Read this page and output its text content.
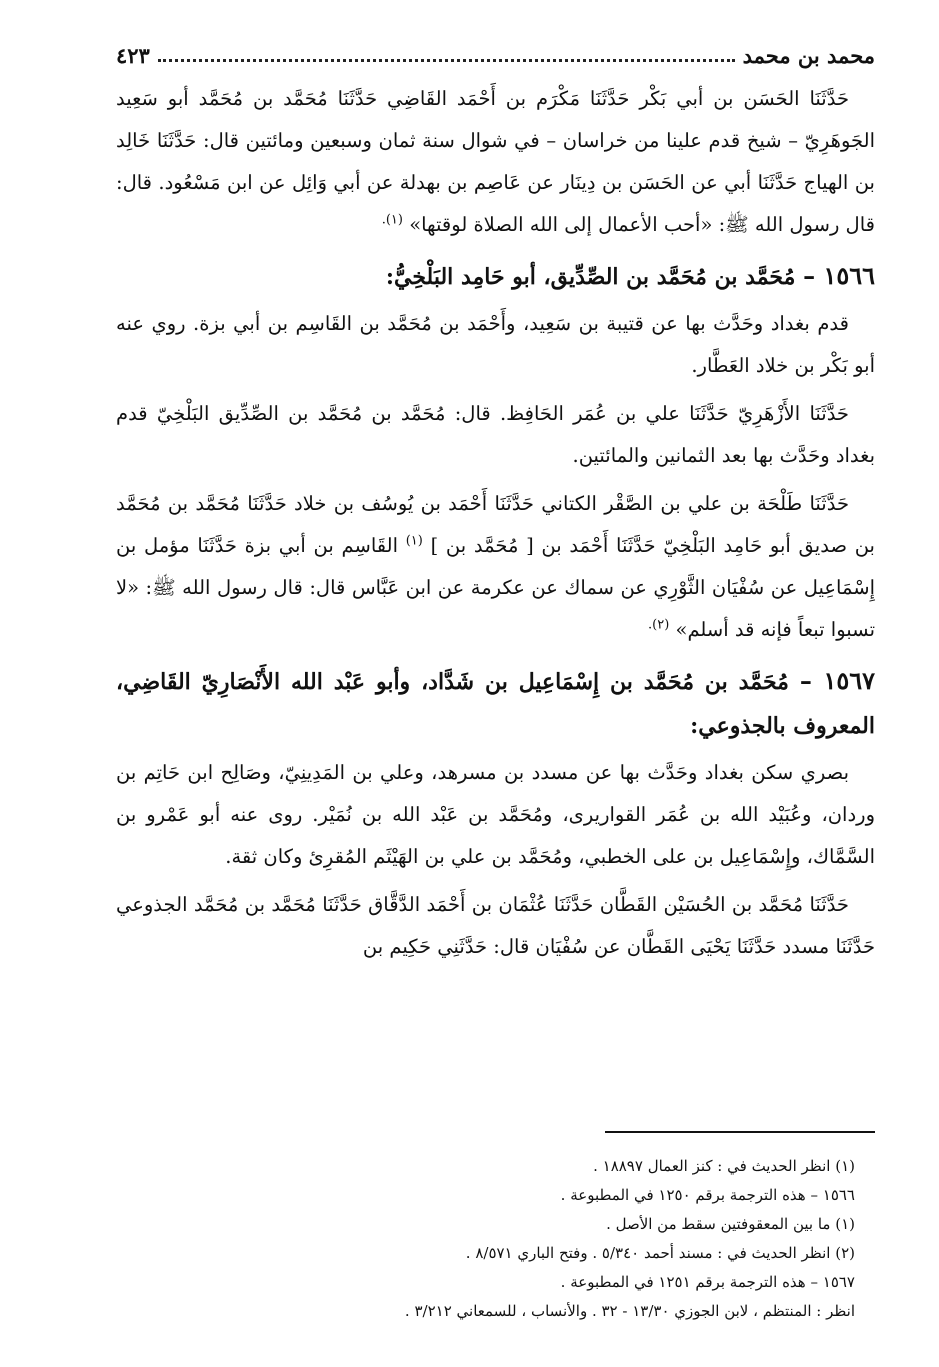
محمد بن محمد
٤٢٣

حَدَّثَنَا الحَسَن بن أبي بَكْر حَدَّثَنَا مَكْرَم بن أَحْمَد القَاضِي حَدَّثَنَا مُحَمَّد بن مُحَمَّد أبو سَعِيد الجَوهَرِيّ – شيخ قدم علينا من خراسان – في شوال سنة ثمان وسبعين ومائتين قال: حَدَّثَنَا خَالِد بن الهياج حَدَّثَنَا أبي عن الحَسَن بن دِينَار عن عَاصِم بن بهدلة عن أبي وَائِل عن ابن مَسْعُود. قال: قال رسول الله ﷺ: «أحب الأعمال إلى الله الصلاة لوقتها» $^{(١).}$

١٥٦٦ – مُحَمَّد بن مُحَمَّد بن الصِّدِّيق، أبو حَامِد البَلْخِيُّ:

قدم بغداد وحَدَّث بها عن قتيبة بن سَعِيد، وأَحْمَد بن مُحَمَّد بن القَاسِم بن أبي بزة. روي عنه أبو بَكْر بن خلاد العَطَّار.

حَدَّثَنَا الأَزْهَرِيّ حَدَّثَنَا علي بن عُمَر الحَافِظ. قال: مُحَمَّد بن مُحَمَّد بن الصِّدِّيق البَلْخِيّ قدم بغداد وحَدَّث بها بعد الثمانين والمائتين.

حَدَّثَنَا طَلْحَة بن علي بن الصَّقْر الكتاني حَدَّثَنَا أَحْمَد بن يُوسُف بن خلاد حَدَّثَنَا مُحَمَّد بن مُحَمَّد بن صديق أبو حَامِد البَلْخِيّ حَدَّثَنَا أَحْمَد بن [ مُحَمَّد بن ] $^{(١)}$ القَاسِم بن أبي بزة حَدَّثَنَا مؤمل بن إِسْمَاعِيل عن سُفْيَان الثَّوْرِي عن سماك عن عكرمة عن ابن عَبَّاس قال: قال رسول الله ﷺ: «لا تسبوا تبعاً فإنه قد أسلم» $^{(٢).}$

١٥٦٧ – مُحَمَّد بن مُحَمَّد بن إِسْمَاعِيل بن شَدَّاد، وأبو عَبْد الله الأَنْصَارِيّ القَاضِي، المعروف بالجذوعي:

بصري سكن بغداد وحَدَّث بها عن مسدد بن مسرهد، وعلي بن المَدِينِيّ، وصَالِح ابن حَاتِم بن وردان، وعُبَيْد الله بن عُمَر القواريرى، ومُحَمَّد بن عَبْد الله بن نُمَيْر. روى عنه أبو عَمْرو بن السَّمَّاك، وإِسْمَاعِيل بن على الخطبي، ومُحَمَّد بن علي بن الهَيْثَم المُقرِئ وكان ثقة.

حَدَّثَنَا مُحَمَّد بن الحُسَيْن القَطَّان حَدَّثَنَا عُثْمَان بن أَحْمَد الدَّقَّاق حَدَّثَنَا مُحَمَّد بن مُحَمَّد الجذوعي حَدَّثَنَا مسدد حَدَّثَنَا يَحْيَى القَطَّان عن سُفْيَان قال: حَدَّثَنِي حَكِيم بن

(١) انظر الحديث في : كنز العمال ١٨٨٩٧ .

١٥٦٦ – هذه الترجمة برقم ١٢٥٠ في المطبوعة .

(١) ما بين المعقوفتين سقط من الأصل .

(٢) انظر الحديث في : مسند أحمد ٥/٣٤٠ . وفتح الباري ٨/٥٧١ .

١٥٦٧ – هذه الترجمة برقم ١٢٥١ في المطبوعة .

انظر : المنتظم ، لابن الجوزي ١٣/٣٠ - ٣٢ . والأنساب ، للسمعاني ٣/٢١٢ .
